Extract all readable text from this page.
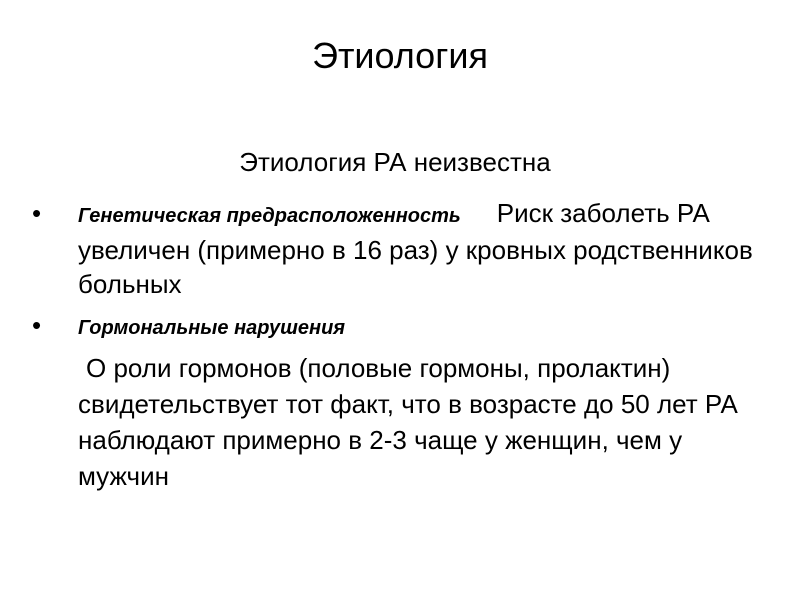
Этиология
Этиология РА неизвестна
• Генетическая предрасположенность Риск заболеть РА увеличен (примерно в 16 раз) у кровных родственников больных
• Гормональные нарушения
О роли гормонов (половые гормоны, пролактин) свидетельствует тот факт, что в возрасте до 50 лет РА наблюдают примерно в 2-3 чаще у женщин, чем у мужчин
